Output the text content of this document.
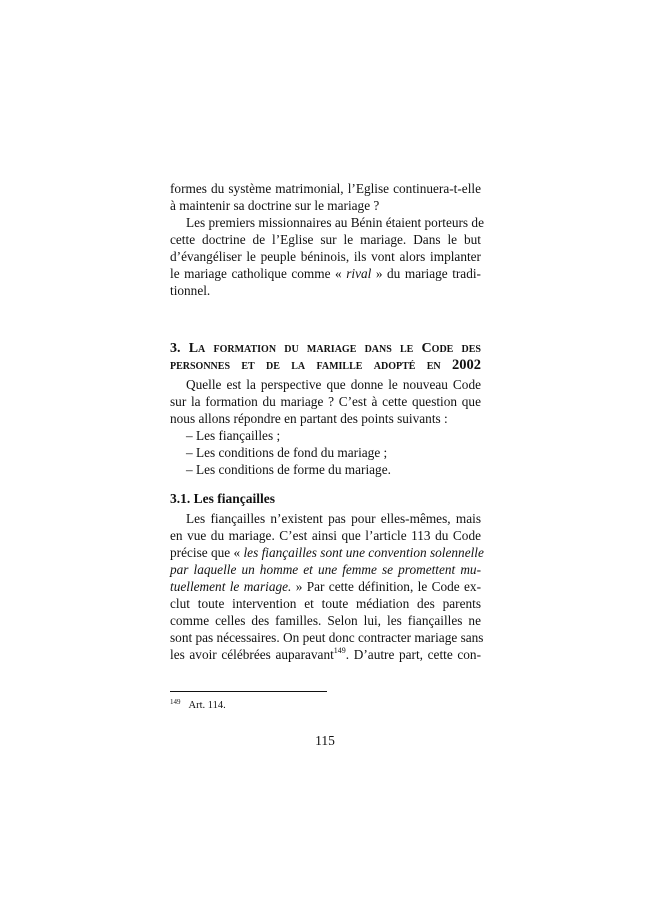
formes du système matrimonial, l’Eglise continuera-t-elle
à maintenir sa doctrine sur le mariage ?
Les premiers missionnaires au Bénin étaient porteurs de
cette doctrine de l’Eglise sur le mariage. Dans le but
d’évangéliser le peuple béninois, ils vont alors implanter
le mariage catholique comme « rival » du mariage tradi-
tionnel.
3. La formation du mariage dans le Code des
personnes et de la famille adopté en 2002
Quelle est la perspective que donne le nouveau Code
sur la formation du mariage ? C’est à cette question que
nous allons répondre en partant des points suivants :
– Les fiançailles ;
– Les conditions de fond du mariage ;
– Les conditions de forme du mariage.
3.1. Les fiançailles
Les fiançailles n’existent pas pour elles-mêmes, mais
en vue du mariage. C’est ainsi que l’article 113 du Code
précise que « les fiançailles sont une convention solennelle
par laquelle un homme et une femme se promettent mu-
tuellement le mariage. » Par cette définition, le Code ex-
clut toute intervention et toute médiation des parents
comme celles des familles. Selon lui, les fiançailles ne
sont pas nécessaires. On peut donc contracter mariage sans
les avoir célébrées auparavant$^{149}$. D’autre part, cette con-
$^{149}$ Art. 114.
115
